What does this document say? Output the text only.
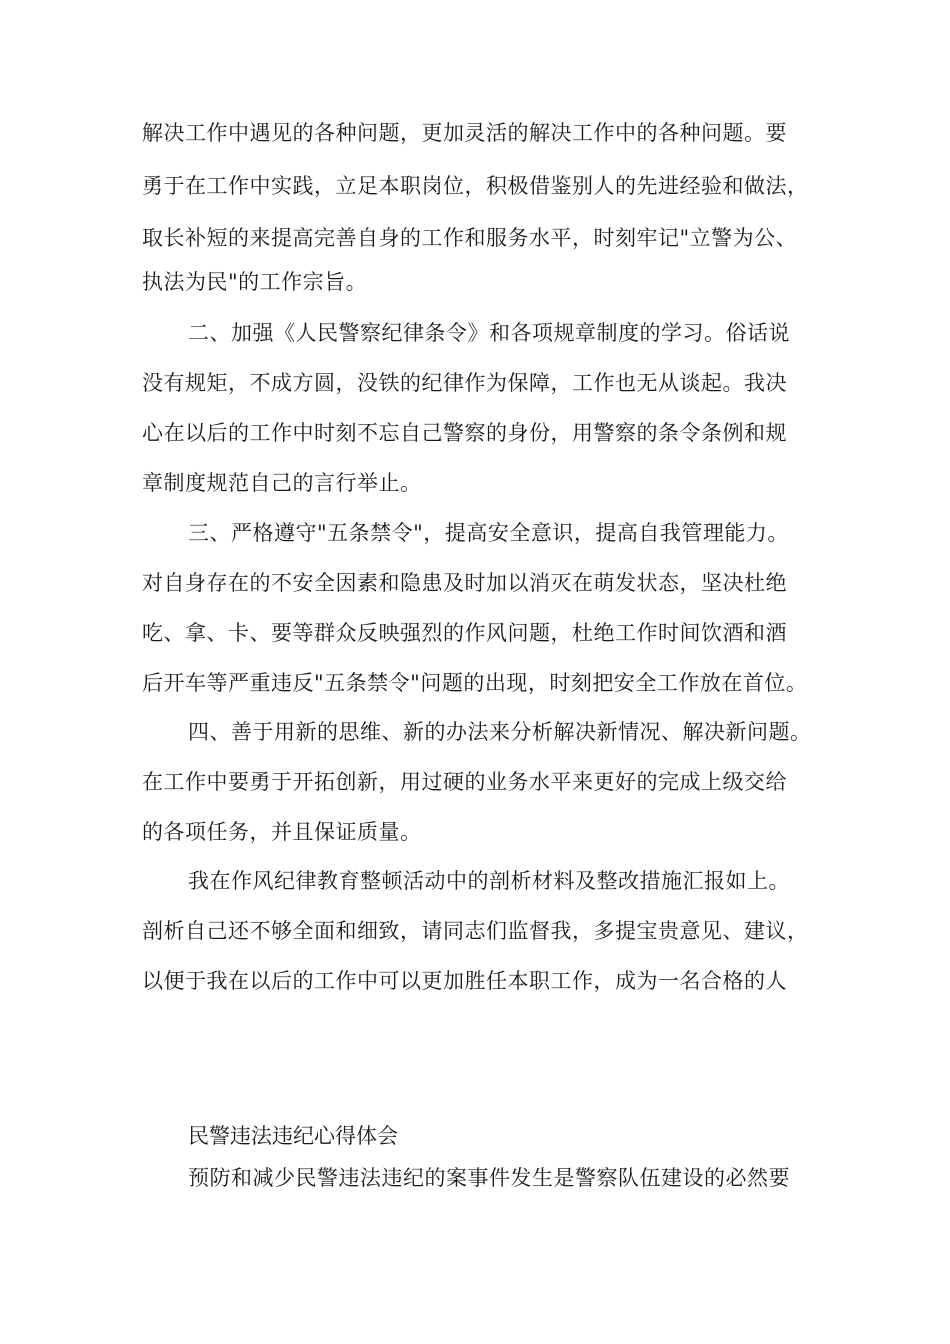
解决工作中遇见的各种问题，更加灵活的解决工作中的各种问题。要
勇于在工作中实践，立足本职岗位，积极借鉴别人的先进经验和做法，
取长补短的来提高完善自身的工作和服务水平，时刻牢记"立警为公、
执法为民"的工作宗旨。
二、加强《人民警察纪律条令》和各项规章制度的学习。俗话说
没有规矩，不成方圆，没铁的纪律作为保障，工作也无从谈起。我决
心在以后的工作中时刻不忘自己警察的身份，用警察的条令条例和规
章制度规范自己的言行举止。
三、严格遵守"五条禁令"，提高安全意识，提高自我管理能力。
对自身存在的不安全因素和隐患及时加以消灭在萌发状态，坚决杜绝
吃、拿、卡、要等群众反映强烈的作风问题，杜绝工作时间饮酒和酒
后开车等严重违反"五条禁令"问题的出现，时刻把安全工作放在首位。
四、善于用新的思维、新的办法来分析解决新情况、解决新问题。
在工作中要勇于开拓创新，用过硬的业务水平来更好的完成上级交给
的各项任务，并且保证质量。
我在作风纪律教育整顿活动中的剖析材料及整改措施汇报如上。
剖析自己还不够全面和细致，请同志们监督我，多提宝贵意见、建议，
以便于我在以后的工作中可以更加胜任本职工作，成为一名合格的人
民警违法违纪心得体会
预防和减少民警违法违纪的案事件发生是警察队伍建设的必然要
